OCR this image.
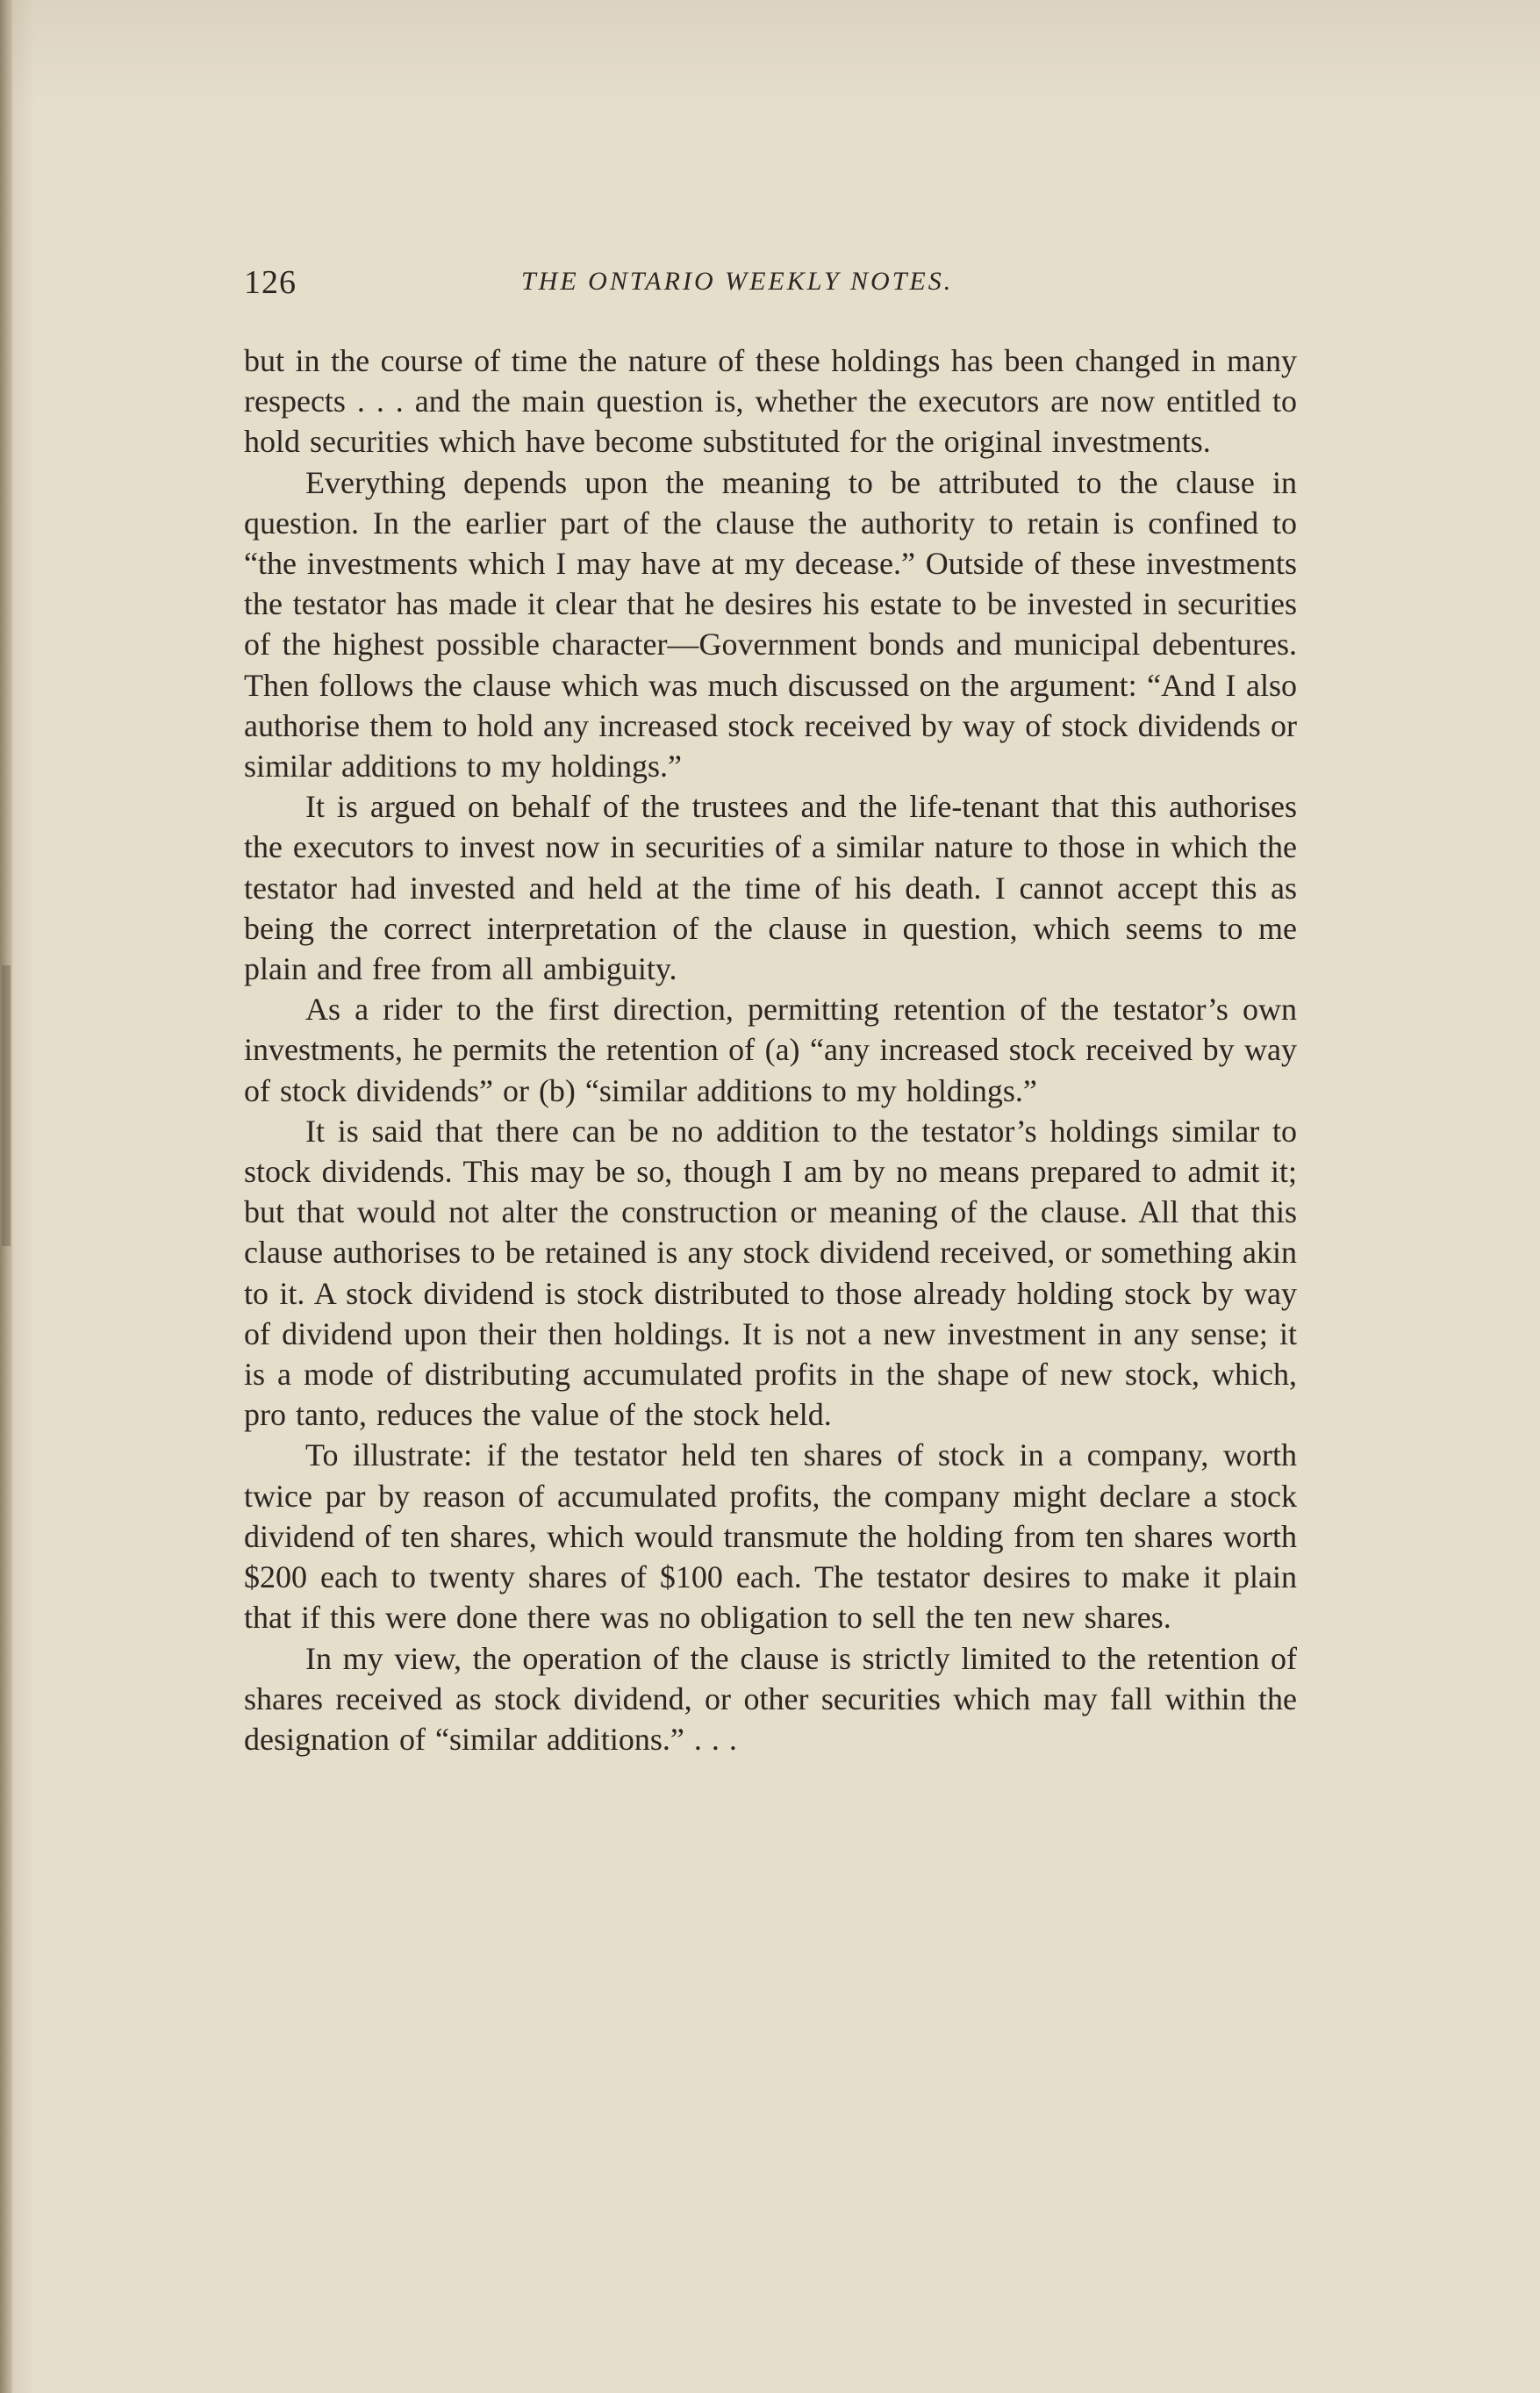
126	THE ONTARIO WEEKLY NOTES.

but in the course of time the nature of these holdings has been changed in many respects . . . and the main question is, whether the executors are now entitled to hold securities which have become substituted for the original investments.

Everything depends upon the meaning to be attributed to the clause in question. In the earlier part of the clause the authority to retain is confined to “the investments which I may have at my decease.” Outside of these investments the testator has made it clear that he desires his estate to be invested in securities of the highest possible character—Government bonds and municipal debentures. Then follows the clause which was much discussed on the argument: “And I also authorise them to hold any increased stock received by way of stock dividends or similar additions to my holdings.”

It is argued on behalf of the trustees and the life-tenant that this authorises the executors to invest now in securities of a similar nature to those in which the testator had invested and held at the time of his death. I cannot accept this as being the correct interpretation of the clause in question, which seems to me plain and free from all ambiguity.

As a rider to the first direction, permitting retention of the testator’s own investments, he permits the retention of (a) “any increased stock received by way of stock dividends” or (b) “similar additions to my holdings.”

It is said that there can be no addition to the testator’s holdings similar to stock dividends. This may be so, though I am by no means prepared to admit it; but that would not alter the construction or meaning of the clause. All that this clause authorises to be retained is any stock dividend received, or something akin to it. A stock dividend is stock distributed to those already holding stock by way of dividend upon their then holdings. It is not a new investment in any sense; it is a mode of distributing accumulated profits in the shape of new stock, which, pro tanto, reduces the value of the stock held.

To illustrate: if the testator held ten shares of stock in a company, worth twice par by reason of accumulated profits, the company might declare a stock dividend of ten shares, which would transmute the holding from ten shares worth $200 each to twenty shares of $100 each. The testator desires to make it plain that if this were done there was no obligation to sell the ten new shares.

In my view, the operation of the clause is strictly limited to the retention of shares received as stock dividend, or other securities which may fall within the designation of “similar additions.” . . .
